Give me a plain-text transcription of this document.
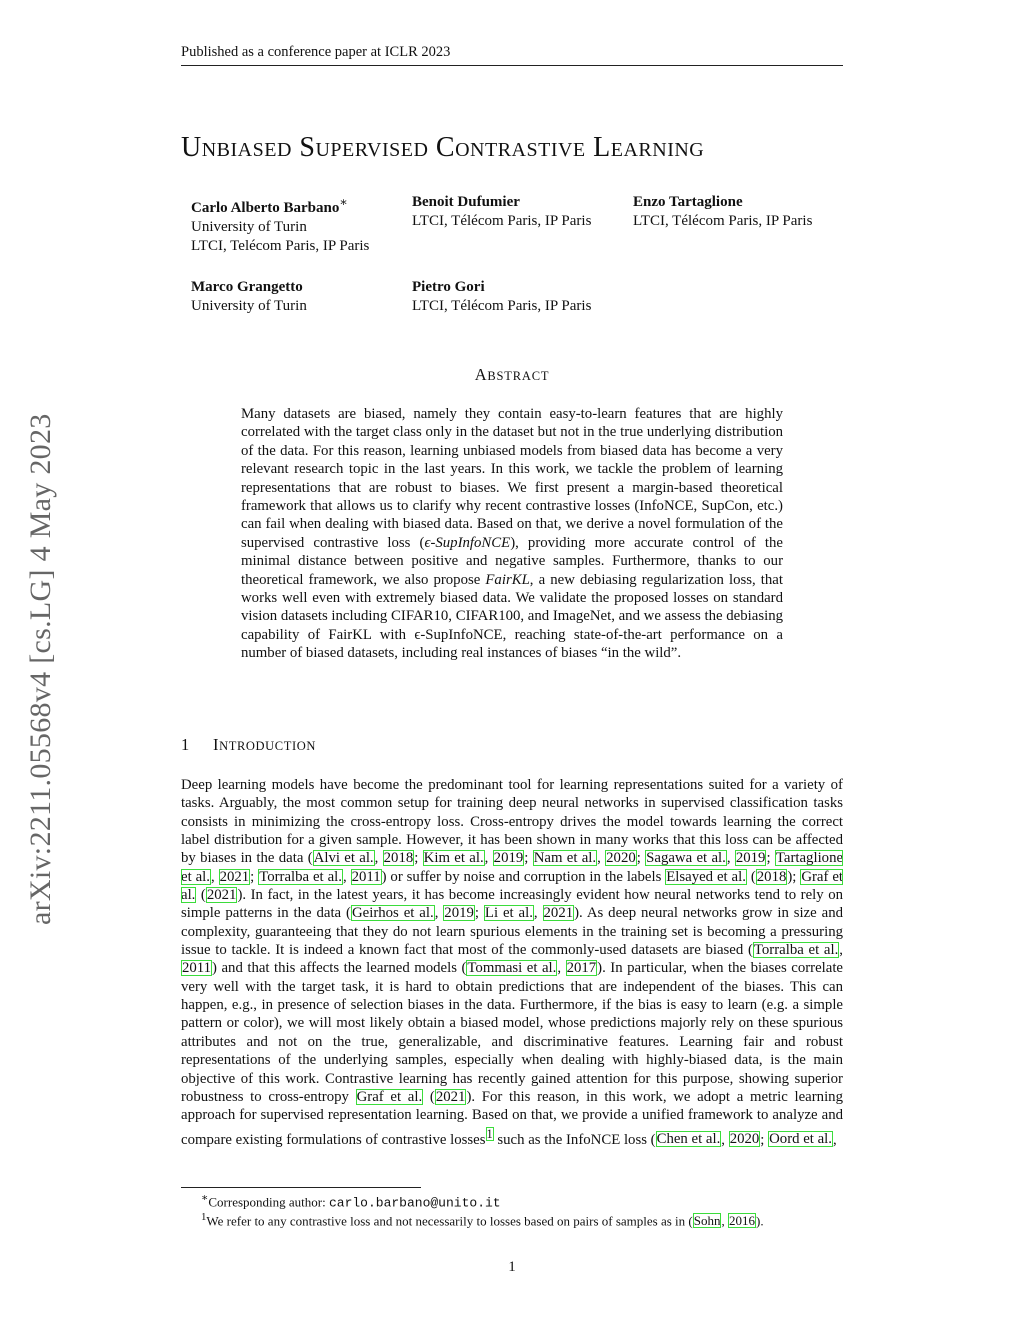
Published as a conference paper at ICLR 2023
UNBIASED SUPERVISED CONTRASTIVE LEARNING
Carlo Alberto Barbano∗
University of Turin
LTCI, Telécom Paris, IP Paris
Benoit Dufumier
LTCI, Télécom Paris, IP Paris
Enzo Tartaglione
LTCI, Télécom Paris, IP Paris
Marco Grangetto
University of Turin
Pietro Gori
LTCI, Télécom Paris, IP Paris
arXiv:2211.05568v4 [cs.LG] 4 May 2023
ABSTRACT
Many datasets are biased, namely they contain easy-to-learn features that are highly correlated with the target class only in the dataset but not in the true underlying distribution of the data. For this reason, learning unbiased models from biased data has become a very relevant research topic in the last years. In this work, we tackle the problem of learning representations that are robust to biases. We first present a margin-based theoretical framework that allows us to clarify why recent contrastive losses (InfoNCE, SupCon, etc.) can fail when dealing with biased data. Based on that, we derive a novel formulation of the supervised contrastive loss (ϵ-SupInfoNCE), providing more accurate control of the minimal distance between positive and negative samples. Furthermore, thanks to our theoretical framework, we also propose FairKL, a new debiasing regularization loss, that works well even with extremely biased data. We validate the proposed losses on standard vision datasets including CIFAR10, CIFAR100, and ImageNet, and we assess the debiasing capability of FairKL with ϵ-SupInfoNCE, reaching state-of-the-art performance on a number of biased datasets, including real instances of biases “in the wild”.
1 INTRODUCTION
Deep learning models have become the predominant tool for learning representations suited for a variety of tasks. Arguably, the most common setup for training deep neural networks in supervised classification tasks consists in minimizing the cross-entropy loss. Cross-entropy drives the model towards learning the correct label distribution for a given sample. However, it has been shown in many works that this loss can be affected by biases in the data (Alvi et al., 2018; Kim et al., 2019; Nam et al., 2020; Sagawa et al., 2019; Tartaglione et al., 2021; Torralba et al., 2011) or suffer by noise and corruption in the labels Elsayed et al. (2018); Graf et al. (2021). In fact, in the latest years, it has become increasingly evident how neural networks tend to rely on simple patterns in the data (Geirhos et al., 2019; Li et al., 2021). As deep neural networks grow in size and complexity, guaranteeing that they do not learn spurious elements in the training set is becoming a pressuring issue to tackle. It is indeed a known fact that most of the commonly-used datasets are biased (Torralba et al., 2011) and that this affects the learned models (Tommasi et al., 2017). In particular, when the biases correlate very well with the target task, it is hard to obtain predictions that are independent of the biases. This can happen, e.g., in presence of selection biases in the data. Furthermore, if the bias is easy to learn (e.g. a simple pattern or color), we will most likely obtain a biased model, whose predictions majorly rely on these spurious attributes and not on the true, generalizable, and discriminative features. Learning fair and robust representations of the underlying samples, especially when dealing with highly-biased data, is the main objective of this work. Contrastive learning has recently gained attention for this purpose, showing superior robustness to cross-entropy Graf et al. (2021). For this reason, in this work, we adopt a metric learning approach for supervised representation learning. Based on that, we provide a unified framework to analyze and compare existing formulations of contrastive losses$^1$ such as the InfoNCE loss (Chen et al., 2020; Oord et al.,
∗Corresponding author: carlo.barbano@unito.it
$^1$We refer to any contrastive loss and not necessarily to losses based on pairs of samples as in (Sohn, 2016).
1
